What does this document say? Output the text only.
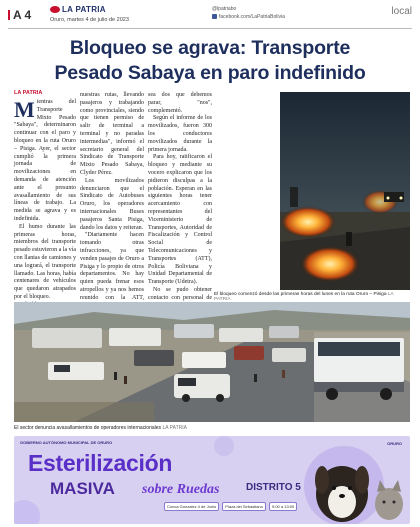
A 4	LA PATRIA
Oruro, martes 4 de julio de 2023
@lpatriabo
facebook.com/LaPatriaBolivia	local
Bloqueo se agrava: Transporte
Pesado Sabaya en paro indefinido
LA PATRIA

Mientras del Transporte Mixto Pesado "Sabaya", determinaron continuar con el paro y bloqueo en la ruta Oruro – Pisiga. Ayer, el sector cumplió la primera jornada de movilizaciones en demanda de atención ante el presunto avasallamiento de sus líneas de trabajo. La medida se agrava y es indefinida.

El humo durante las primeras horas, miembros del transporte pesado estuvieron a la vía con llantas de camiones y una logrará, el transporte llamado. Las horas, había centenares de vehículos que quedaron atrapados por el bloqueo.

nuestras rutas, llevando pasajeros y trabajando como provinciales, siendo que tienen permiso de salir de terminal a terminal y no paradas intermedias", informó el secretario general del Sindicato de Transporte Mixto Pesado Sabaya, Clyder Pérez.

Los movilizados denunciaron que el Sindicato de Autobuses Oruro, los operadores internacionales Buses pasajeros Santa Pisiga, dando los datos y reiteran.

"Diariamente hacen tomando otras infracciones, ya que venden pasajes de Oruro a Pisiga y lo propio de otros departamentos. No hay quien pueda frenar esos atropellos y ya nos hemos reunido con la ATT,

sea dos que debemos parar, "nos", complementó.

Según el informe de los movilizados, fueron 300 los conductores movilizados durante la primera jornada.

Para hoy, ratificaron el bloqueo y mediante su vocero explicaron que los pidieron disculpas a la población. Esperan en las siguientes horas tener acercamiento con representantes del Viceministerio de Transportes, Autoridad de Fiscalización y Control Social de Telecomunicaciones y Transportes (ATT), Policía Boliviana y Unidad Departamental de Transporte (Udetra).

No se pudo obtener contacto con personal de

El bloqueo comenzó desde las primeras horas del lunes en la ruta Oruro – Pisiga LA PATRIA
El sector denuncia avasallamientos de operadores internacionales LA PATRIA
GOBIERNO AUTÓNOMO MUNICIPAL DE ORURO
Esterilización
MASIVA sobre Ruedas	DISTRITO 5
Conca Gonzalez 4 de Junio Plaza del Sebastiano 9:00 a 13:00
ORURO
